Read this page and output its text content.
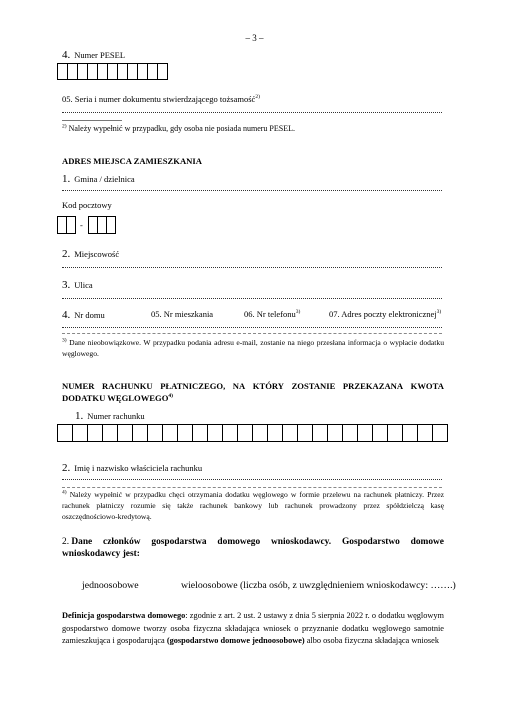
– 3 –
4. Numer PESEL
05. Seria i numer dokumentu stwierdzającego tożsamość$^{2)}$
$^{2)}$ Należy wypełnić w przypadku, gdy osoba nie posiada numeru PESEL.
ADRES MIEJSCA ZAMIESZKANIA
1. Gmina / dzielnica
Kod pocztowy
-
2. Miejscowość
3. Ulica
4. Nr domu	05. Nr mieszkania	06. Nr telefonu$^{3)}$	07. Adres poczty elektronicznej$^{3)}$
$^{3)}$ Dane nieobowiązkowe. W przypadku podania adresu e-mail, zostanie na niego przesłana informacja o wypłacie dodatku węglowego.
NUMER RACHUNKU PŁATNICZEGO, NA KTÓRY ZOSTANIE PRZEKAZANA KWOTA
DODATKU WĘGLOWEGO$^{4)}$
1. Numer rachunku
2. Imię i nazwisko właściciela rachunku
$^{4)}$ Należy wypełnić w przypadku chęci otrzymania dodatku węglowego w formie przelewu na rachunek płatniczy. Przez rachunek płatniczy rozumie się także rachunek bankowy lub rachunek prowadzony przez spółdzielczą kasę oszczędnościowo-kredytową.
2. Dane członków gospodarstwa domowego wnioskodawcy. Gospodarstwo domowe
wnioskodawcy jest:
jednoosobowe	wieloosobowe (liczba osób, z uwzględnieniem wnioskodawcy: …….)
Definicja gospodarstwa domowego: zgodnie z art. 2 ust. 2 ustawy z dnia 5 sierpnia 2022 r. o dodatku węglowym gospodarstwo domowe tworzy osoba fizyczna składająca wniosek o przyznanie dodatku węglowego samotnie zamieszkująca i gospodarująca (gospodarstwo domowe jednoosobowe) albo osoba fizyczna składająca wniosek
